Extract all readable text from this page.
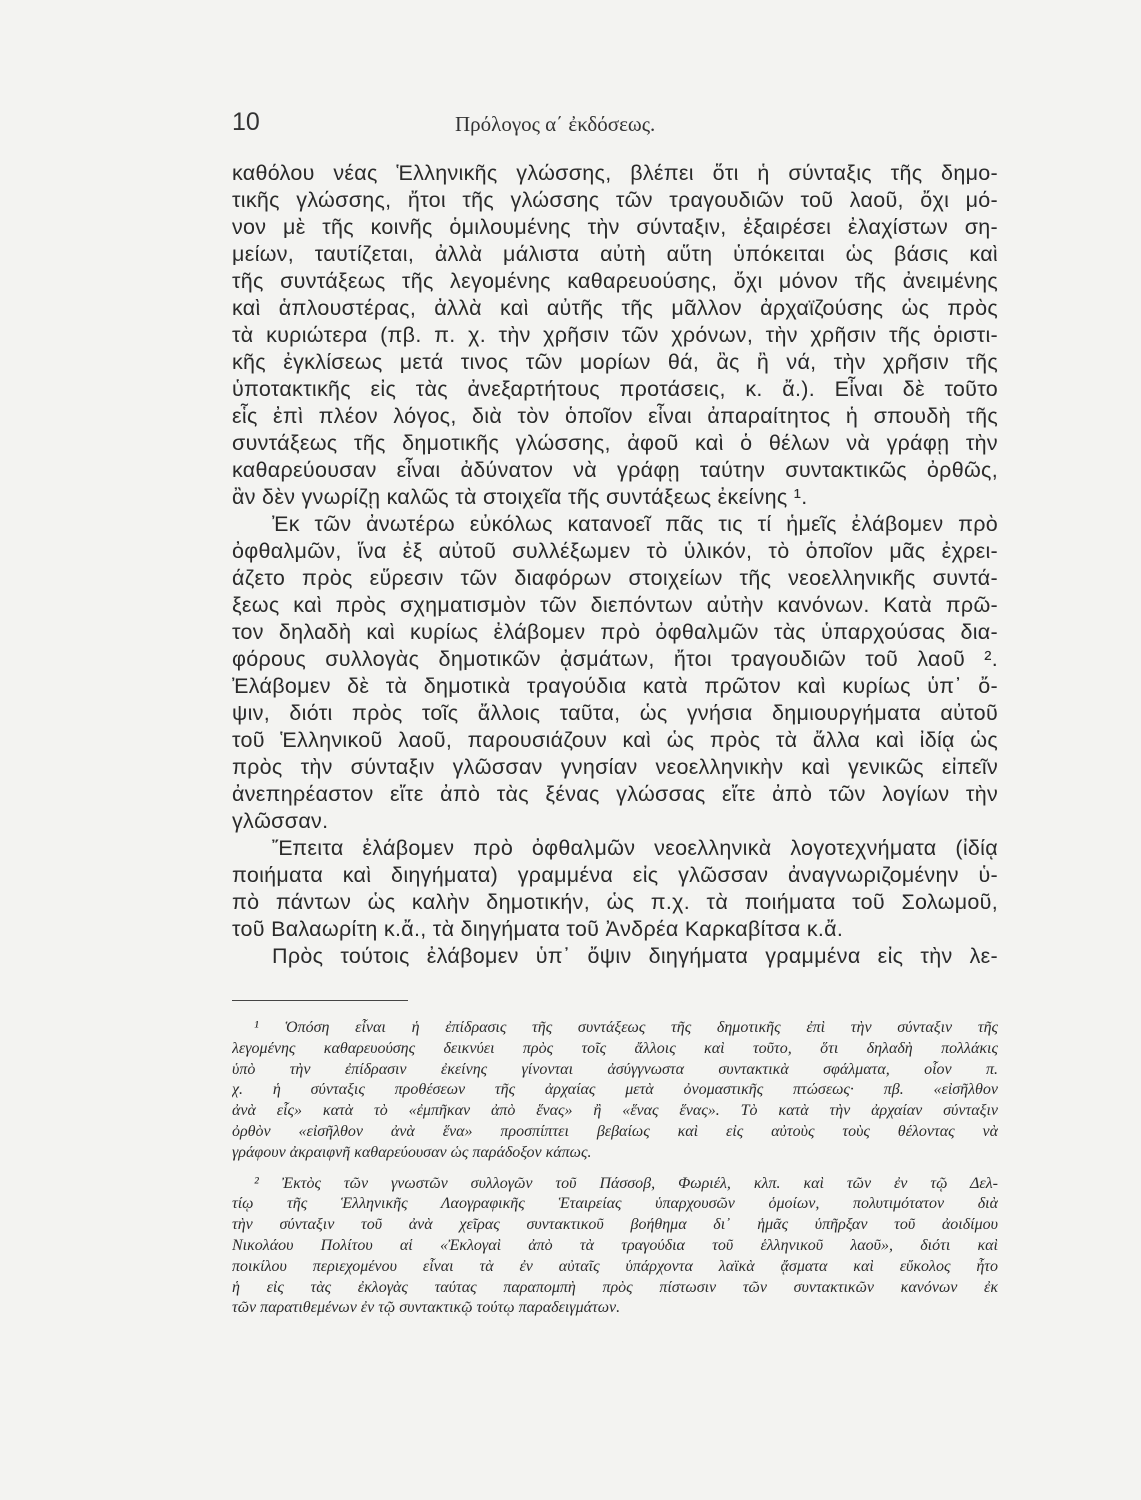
10	Πρόλογος α΄ ἐκδόσεως.
καθόλου νέας Ἑλληνικῆς γλώσσης, βλέπει ὅτι ἡ σύνταξις τῆς δημο-
τικῆς γλώσσης, ἤτοι τῆς γλώσσης τῶν τραγουδιῶν τοῦ λαοῦ, ὄχι μό-
νον μὲ τῆς κοινῆς ὁμιλουμένης τὴν σύνταξιν, ἐξαιρέσει ἐλαχίστων ση-
μείων, ταυτίζεται, ἀλλὰ μάλιστα αὐτὴ αὕτη ὑπόκειται ὡς βάσις καὶ
τῆς συντάξεως τῆς λεγομένης καθαρευούσης, ὄχι μόνον τῆς ἀνειμένης
καὶ ἁπλουστέρας, ἀλλὰ καὶ αὐτῆς τῆς μᾶλλον ἀρχαϊζούσης ὡς πρὸς
τὰ κυριώτερα (πβ. π. χ. τὴν χρῆσιν τῶν χρόνων, τὴν χρῆσιν τῆς ὁριστι-
κῆς ἐγκλίσεως μετά τινος τῶν μορίων θά, ἂς ἢ νά, τὴν χρῆσιν τῆς
ὑποτακτικῆς εἰς τὰς ἀνεξαρτήτους προτάσεις, κ. ἄ.). Εἶναι δὲ τοῦτο
εἷς ἐπὶ πλέον λόγος, διὰ τὸν ὁποῖον εἶναι ἀπαραίτητος ἡ σπουδὴ τῆς
συντάξεως τῆς δημοτικῆς γλώσσης, ἀφοῦ καὶ ὁ θέλων νὰ γράφῃ τὴν
καθαρεύουσαν εἶναι ἀδύνατον νὰ γράφῃ ταύτην συντακτικῶς ὀρθῶς,
ἂν δὲν γνωρίζῃ καλῶς τὰ στοιχεῖα τῆς συντάξεως ἐκείνης ¹.
Ἐκ τῶν ἀνωτέρω εὐκόλως κατανοεῖ πᾶς τις τί ἡμεῖς ἐλάβομεν πρὸ
ὀφθαλμῶν, ἵνα ἐξ αὐτοῦ συλλέξωμεν τὸ ὑλικόν, τὸ ὁποῖον μᾶς ἐχρει-
άζετο πρὸς εὕρεσιν τῶν διαφόρων στοιχείων τῆς νεοελληνικῆς συντά-
ξεως καὶ πρὸς σχηματισμὸν τῶν διεπόντων αὐτὴν κανόνων. Κατὰ πρῶ-
τον δηλαδὴ καὶ κυρίως ἐλάβομεν πρὸ ὀφθαλμῶν τὰς ὑπαρχούσας δια-
φόρους συλλογὰς δημοτικῶν ᾀσμάτων, ἤτοι τραγουδιῶν τοῦ λαοῦ ².
Ἐλάβομεν δὲ τὰ δημοτικὰ τραγούδια κατὰ πρῶτον καὶ κυρίως ὑπ᾿ ὄ-
ψιν, διότι πρὸς τοῖς ἄλλοις ταῦτα, ὡς γνήσια δημιουργήματα αὐτοῦ
τοῦ Ἑλληνικοῦ λαοῦ, παρουσιάζουν καὶ ὡς πρὸς τὰ ἄλλα καὶ ἰδίᾳ ὡς
πρὸς τὴν σύνταξιν γλῶσσαν γνησίαν νεοελληνικὴν καὶ γενικῶς εἰπεῖν
ἀνεπηρέαστον εἴτε ἀπὸ τὰς ξένας γλώσσας εἴτε ἀπὸ τῶν λογίων τὴν
γλῶσσαν.
Ἔπειτα ἐλάβομεν πρὸ ὀφθαλμῶν νεοελληνικὰ λογοτεχνήματα (ἰδίᾳ
ποιήματα καὶ διηγήματα) γραμμένα εἰς γλῶσσαν ἀναγνωριζομένην ὑ-
πὸ πάντων ὡς καλὴν δημοτικήν, ὡς π.χ. τὰ ποιήματα τοῦ Σολωμοῦ,
τοῦ Βαλαωρίτη κ.ἄ., τὰ διηγήματα τοῦ Ἀνδρέα Καρκαβίτσα κ.ἄ.
Πρὸς τούτοις ἐλάβομεν ὑπ᾿ ὄψιν διηγήματα γραμμένα εἰς τὴν λε-
¹ Ὁπόση εἶναι ἡ ἐπίδρασις τῆς συντάξεως τῆς δημοτικῆς ἐπὶ τὴν σύνταξιν τῆς
λεγομένης καθαρευούσης δεικνύει πρὸς τοῖς ἄλλοις καὶ τοῦτο, ὅτι δηλαδὴ πολλάκις
ὑπὸ τὴν ἐπίδρασιν ἐκείνης γίνονται ἀσύγγνωστα συντακτικὰ σφάλματα, οἷον π.
χ. ἡ σύνταξις προθέσεων τῆς ἀρχαίας μετὰ ὀνομαστικῆς πτώσεως· πβ. «εἰσῆλθον
ἀνὰ εἷς» κατὰ τὸ «ἐμπῆκαν ἀπὸ ἕνας» ἢ «ἕνας ἕνας». Τὸ κατὰ τὴν ἀρχαίαν σύνταξιν
ὀρθὸν «εἰσῆλθον ἀνὰ ἕνα» προσπίπτει βεβαίως καὶ εἰς αὐτοὺς τοὺς θέλοντας νὰ
γράφουν ἀκραιφνῆ καθαρεύουσαν ὡς παράδοξον κάπως.
² Ἐκτὸς τῶν γνωστῶν συλλογῶν τοῦ Πάσσοβ, Φωριέλ, κλπ. καὶ τῶν ἐν τῷ Δελ-
τίῳ τῆς Ἑλληνικῆς Λαογραφικῆς Ἑταιρείας ὑπαρχουσῶν ὁμοίων, πολυτιμότατον διὰ
τὴν σύνταξιν τοῦ ἀνὰ χεῖρας συντακτικοῦ βοήθημα δι᾿ ἡμᾶς ὑπῆρξαν τοῦ ἀοιδίμου
Νικολάου Πολίτου αἱ «Ἐκλογαὶ ἀπὸ τὰ τραγούδια τοῦ ἑλληνικοῦ λαοῦ», διότι καὶ
ποικίλου περιεχομένου εἶναι τὰ ἐν αὐταῖς ὑπάρχοντα λαϊκὰ ᾄσματα καὶ εὔκολος ἦτο
ἡ εἰς τὰς ἐκλογὰς ταύτας παραπομπὴ πρὸς πίστωσιν τῶν συντακτικῶν κανόνων ἐκ
τῶν παρατιθεμένων ἐν τῷ συντακτικῷ τούτῳ παραδειγμάτων.
